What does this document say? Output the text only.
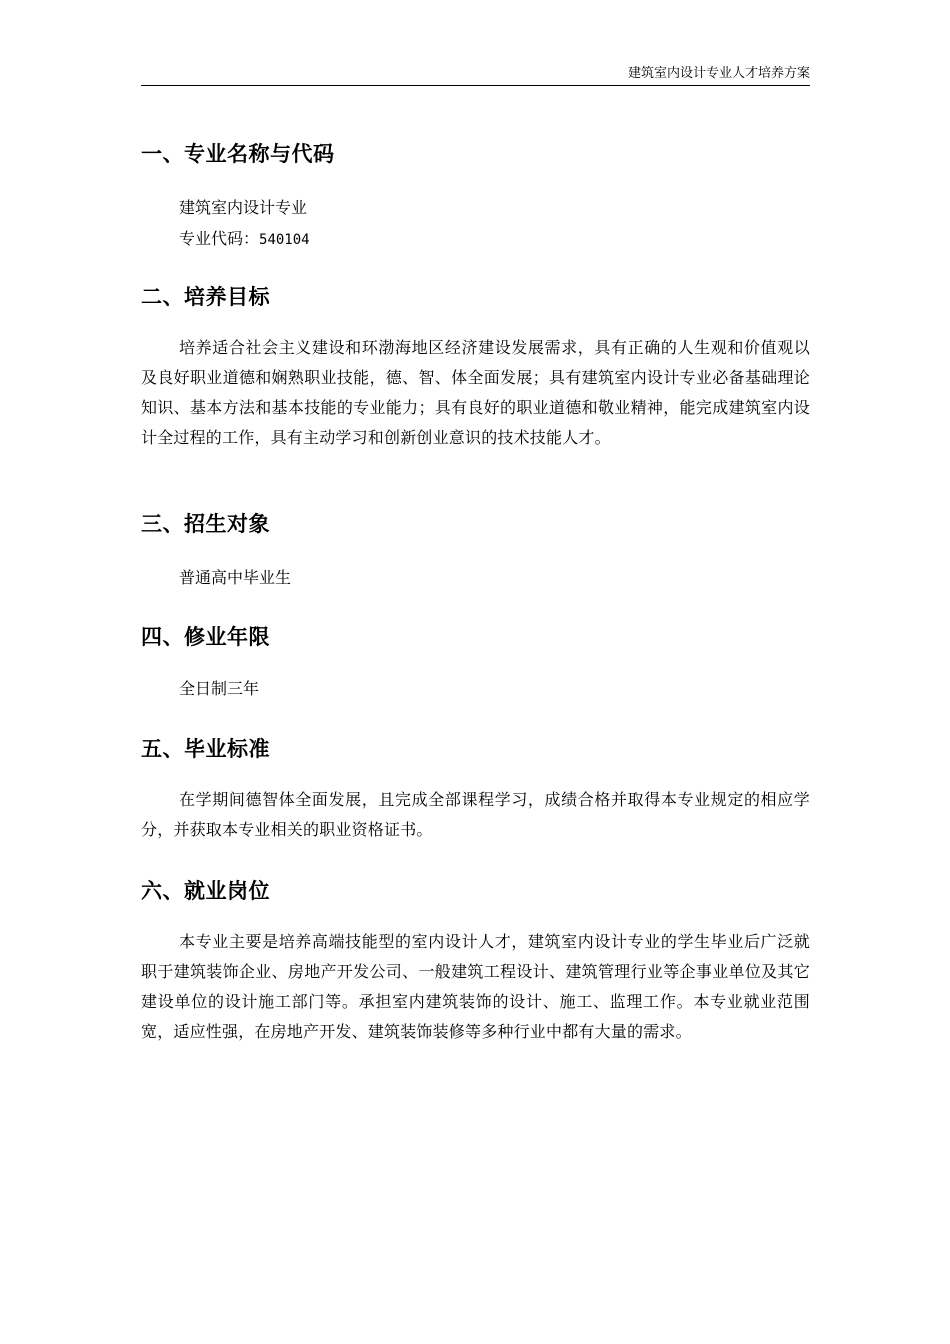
建筑室内设计专业人才培养方案
一、专业名称与代码

建筑室内设计专业

专业代码：540104

二、培养目标

培养适合社会主义建设和环渤海地区经济建设发展需求，具有正确的人生观和价值观以及良好职业道德和娴熟职业技能，德、智、体全面发展；具有建筑室内设计专业必备基础理论知识、基本方法和基本技能的专业能力；具有良好的职业道德和敬业精神，能完成建筑室内设计全过程的工作，具有主动学习和创新创业意识的技术技能人才。

三、招生对象

普通高中毕业生

四、修业年限

全日制三年

五、毕业标准

在学期间德智体全面发展，且完成全部课程学习，成绩合格并取得本专业规定的相应学分，并获取本专业相关的职业资格证书。

六、就业岗位

本专业主要是培养高端技能型的室内设计人才，建筑室内设计专业的学生毕业后广泛就职于建筑装饰企业、房地产开发公司、一般建筑工程设计、建筑管理行业等企事业单位及其它建设单位的设计施工部门等。承担室内建筑装饰的设计、施工、监理工作。本专业就业范围宽，适应性强，在房地产开发、建筑装饰装修等多种行业中都有大量的需求。
